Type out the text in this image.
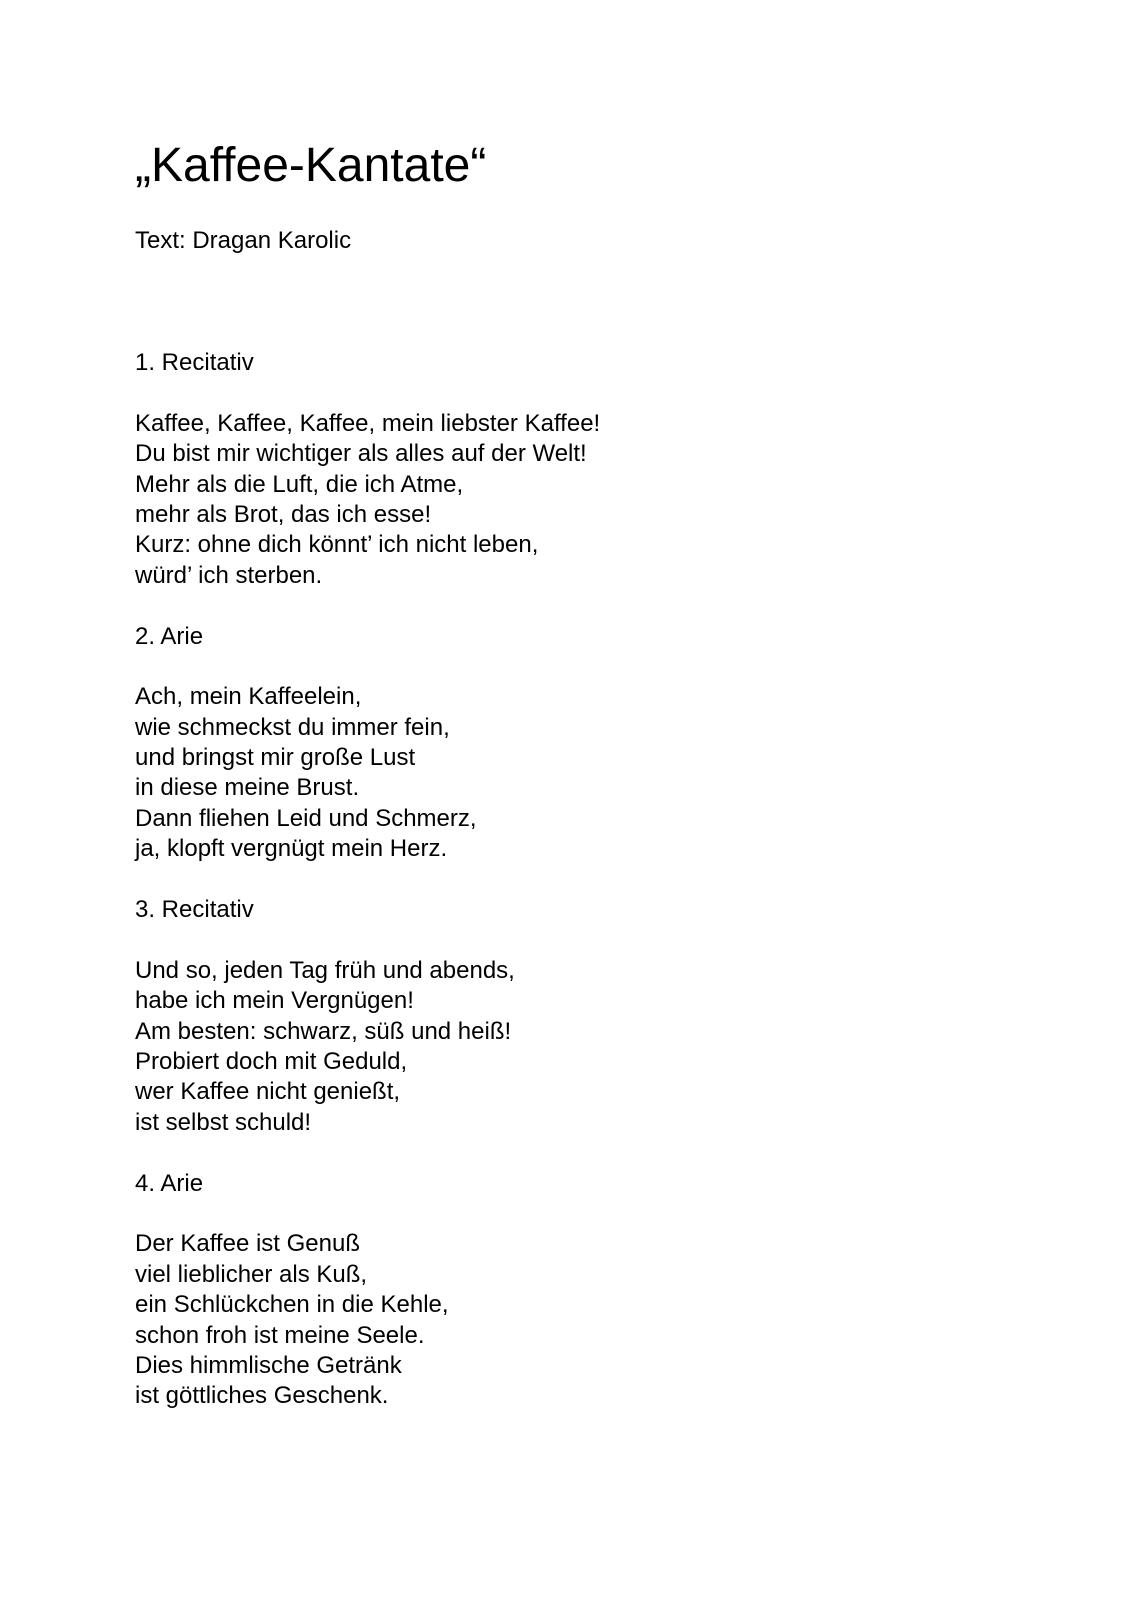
„Kaffee-Kantate“
Text: Dragan Karolic
1. Recitativ
Kaffee, Kaffee, Kaffee, mein liebster Kaffee!
Du bist mir wichtiger als alles auf der Welt!
Mehr als die Luft, die ich Atme,
mehr als Brot, das ich esse!
Kurz: ohne dich könnt’ ich nicht leben,
würd’ ich sterben.
2. Arie
Ach, mein Kaffeelein,
wie schmeckst du immer fein,
und bringst mir große Lust
in diese meine Brust.
Dann fliehen Leid und Schmerz,
ja, klopft vergnügt mein Herz.
3. Recitativ
Und so, jeden Tag früh und abends,
habe ich mein Vergnügen!
Am besten: schwarz, süß und heiß!
Probiert doch mit Geduld,
wer Kaffee nicht genießt,
ist selbst schuld!
4. Arie
Der Kaffee ist Genuß
viel lieblicher als Kuß,
ein Schlückchen in die Kehle,
schon froh ist meine Seele.
Dies himmlische Getränk
ist göttliches Geschenk.
